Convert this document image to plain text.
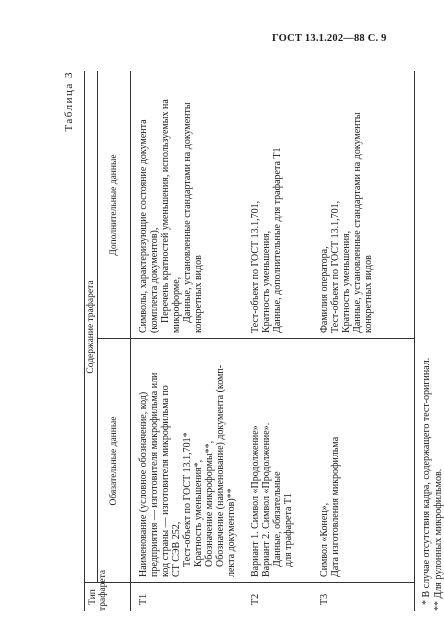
ГОСТ 13.1.202—88 С. 9
Таблица 3
Тип трафарета
Содержание трафарета
Обязательные данные
Дополнительные данные
Т1
Наименование (условное обозначение, код)
предприятия — изготовителя микрофильма или
код страны — изготовителя микрофильма по
СТ СЭВ 252,
Тест-объект по ГОСТ 13.1,701*
Кратность уменьшения*,
Обозначение микроформы**,
Обозначение (наименование) документа (комп-
лекта документов)**
Символы, характеризующие состояние документа
(комплекта документов),
Перечень кратностей уменьшения, используемых на
микроформе,
Данные, установленные стандартами на документы
конкретных видов
Т2
Вариант 1. Символ «Продолжение»
Вариант 2. Символ «Продолжение».
Данные, обязательные
для трафарета Т1
Тест-объект по ГОСТ 13.1,701,
Кратность уменьшения,
Данные, дополнительные для трафарета Т1
Т3
Символ «Конец»,
Дата изготовления микрофильма
Фамилия оператора,
Тест-объект по ГОСТ 13.1,701,
Кратность уменьшения,
Данные, установленные стандартами на документы
конкретных видов
* В случае отсутствия кадра, содержащего тест-оригинал. ** Для рулонных микрофильмов.
